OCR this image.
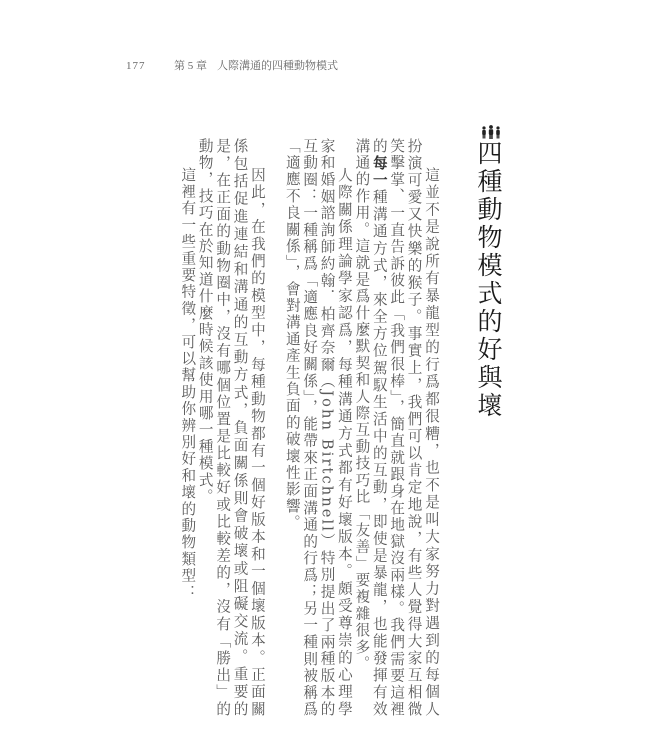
177	第 5 章 人際溝通的四種動物模式
四種動物模式的好與壞

這並不是說所有暴龍型的行爲都很糟，也不是叫大家努力對遇到的每個人扮演可愛又快樂的猴子。事實上，我們可以肯定地說，有些人覺得大家互相微笑擊掌、一直告訴彼此「我們很棒」，簡直就跟身在地獄沒兩樣。我們需要這裡的每一種溝通方式，來全方位駕馭生活中的互動，即使是暴龍，也能發揮有效溝通的作用。這就是爲什麼默契和人際互動技巧比「友善」要複雜很多。

人際關係理論學家認爲，每種溝通方式都有好壞版本。頗受尊崇的心理學家和婚姻諮詢師約翰．柏齊奈爾（John Birtchnell）特別提出了兩種版本的互動圈：一種稱爲「適應良好關係」，能帶來正面溝通的行爲；另一種則被稱爲「適應不良關係」，會對溝通產生負面的破壞性影響。

因此，在我們的模型中，每種動物都有一個好版本和一個壞版本。正面關係包括促進連結和溝通的互動方式，負面關係則會破壞或阻礙交流。重要的是，在正面的動物圈中，沒有哪個位置是比較好或比較差的，沒有「勝出」的動物，技巧在於知道什麼時候該使用哪一種模式。

這裡有一些重要特徵，可以幫助你辨別好和壞的動物類型：
